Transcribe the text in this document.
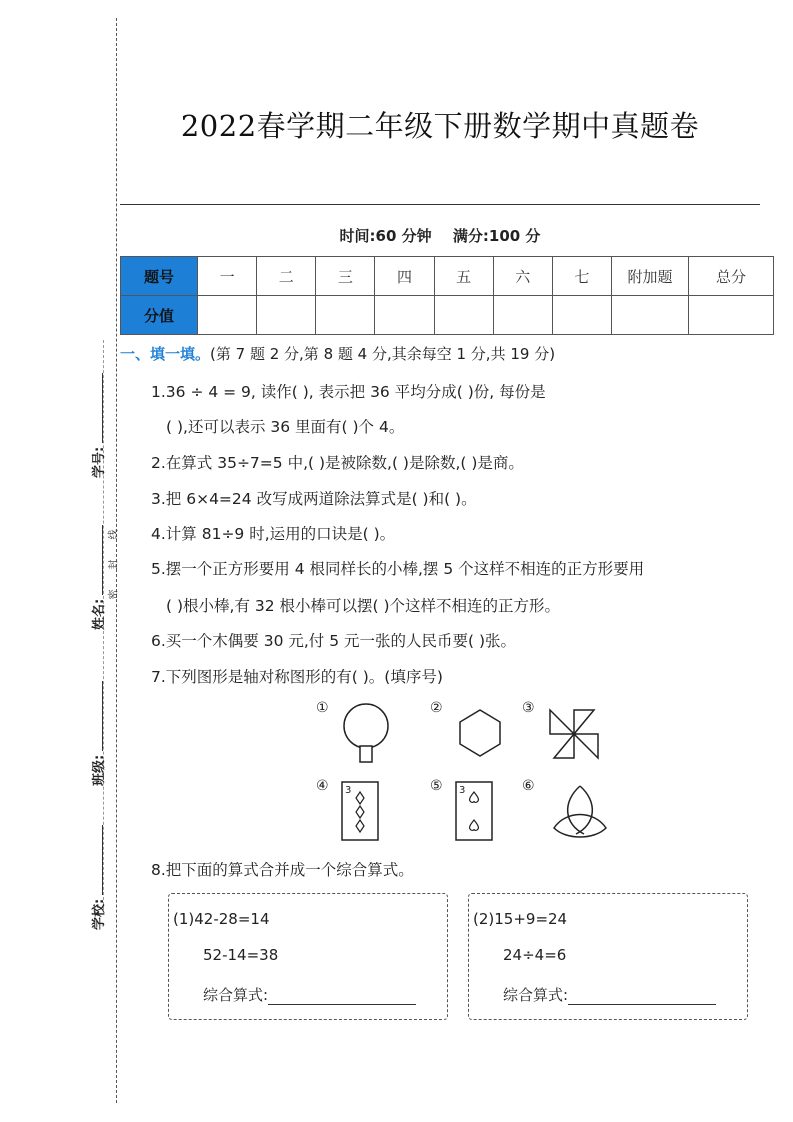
学号:
姓名:
班级:
学校:
线
封
密
2022春学期二年级下册数学期中真题卷
时间:60 分钟 满分:100 分
题号	一	二	三	四	五	六	七	附加题	总分
分值									
一、填一填。(第 7 题 2 分,第 8 题 4 分,其余每空 1 分,共 19 分)
1.36 ÷ 4 = 9, 读作( ), 表示把 36 平均分成( )份, 每份是
( ),还可以表示 36 里面有( )个 4。
2.在算式 35÷7=5 中,( )是被除数,( )是除数,( )是商。
3.把 6×4=24 改写成两道除法算式是( )和( )。
4.计算 81÷9 时,运用的口诀是( )。
5.摆一个正方形要用 4 根同样长的小棒,摆 5 个这样不相连的正方形要用
( )根小棒,有 32 根小棒可以摆( )个这样不相连的正方形。
6.买一个木偶要 30 元,付 5 元一张的人民币要( )张。
7.下列图形是轴对称图形的有( )。(填序号)
①	②	③
④ 3	⑤ 3	⑥
8.把下面的算式合并成一个综合算式。
(1)42-28=14
52-14=38
综合算式:
(2)15+9=24
24÷4=6
综合算式:
